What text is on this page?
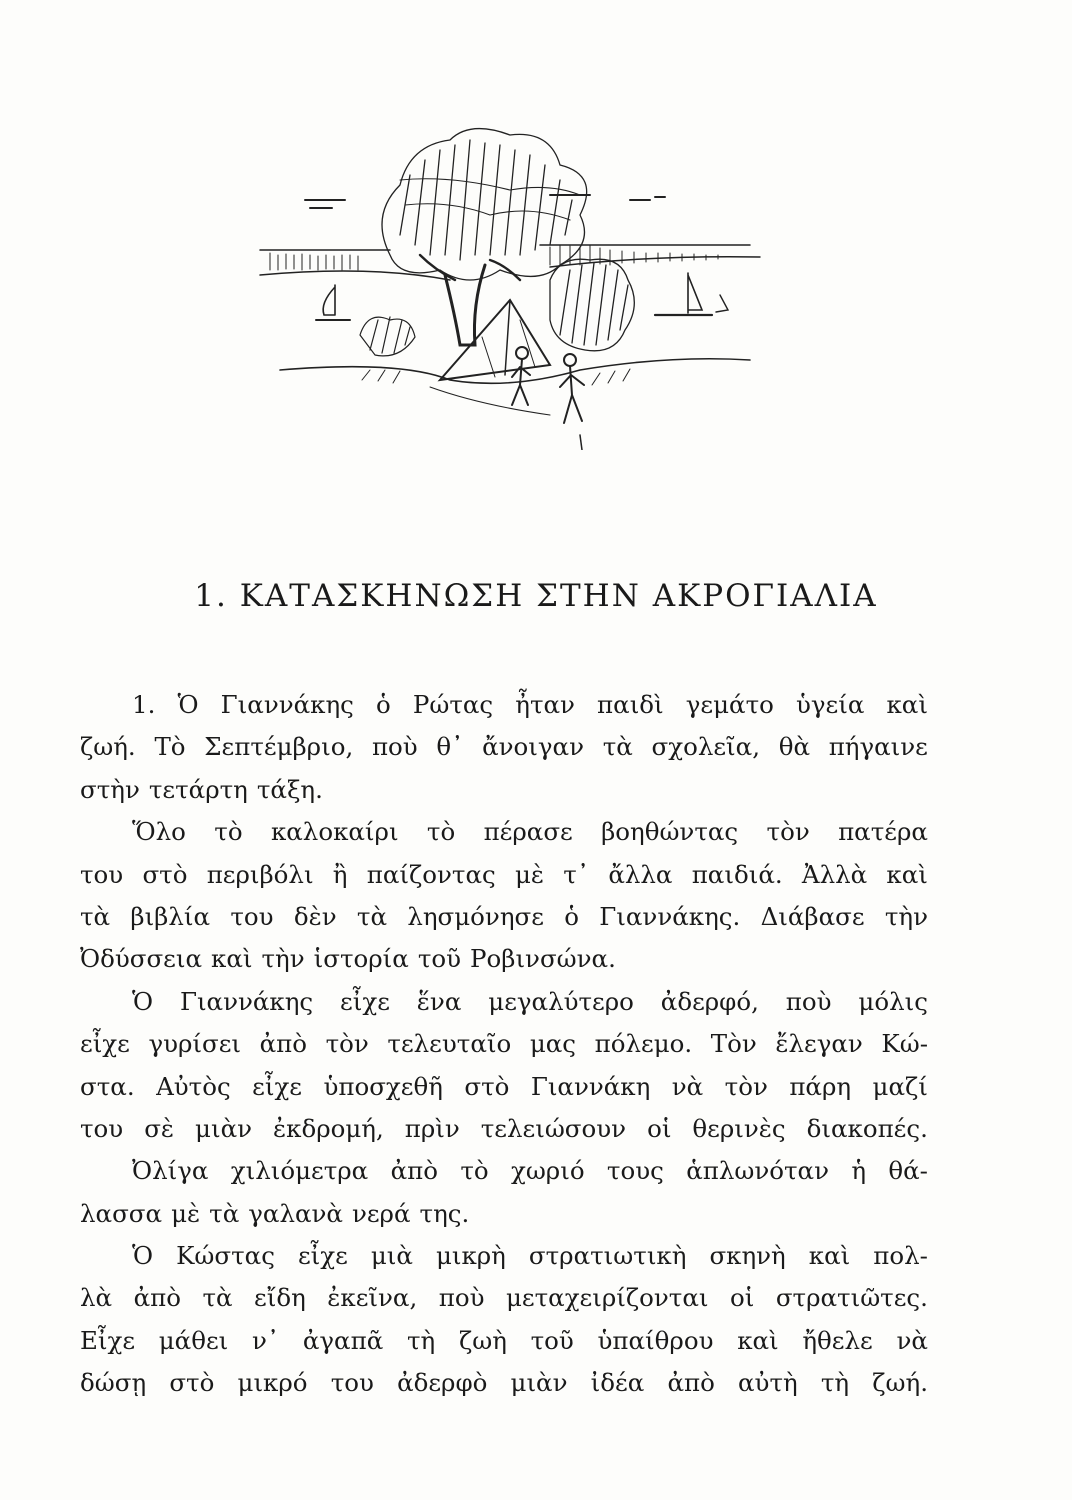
1. ΚΑΤΑΣΚΗΝΩΣΗ ΣΤΗΝ ΑΚΡΟΓΙΑΛΙΑ
1. Ὁ Γιαννάκης ὁ Ρώτας ἦταν παιδὶ γεμάτο ὑγεία καὶ
ζωή. Τὸ Σεπτέμβριο, ποὺ θ᾿ ἄνοιγαν τὰ σχολεῖα, θὰ πήγαινε
στὴν τετάρτη τάξη.
Ὅλο τὸ καλοκαίρι τὸ πέρασε βοηθώντας τὸν πατέρα
του στὸ περιβόλι ἢ παίζοντας μὲ τ᾿ ἄλλα παιδιά. Ἀλλὰ καὶ
τὰ βιβλία του δὲν τὰ λησμόνησε ὁ Γιαννάκης. Διάβασε τὴν
Ὀδύσσεια καὶ τὴν ἱστορία τοῦ Ροβινσώνα.
Ὁ Γιαννάκης εἶχε ἕνα μεγαλύτερο ἀδερφό, ποὺ μόλις
εἶχε γυρίσει ἀπὸ τὸν τελευταῖο μας πόλεμο. Τὸν ἔλεγαν Κώ-
στα. Αὐτὸς εἶχε ὑποσχεθῆ στὸ Γιαννάκη νὰ τὸν πάρη μαζί
του σὲ μιὰν ἐκδρομή, πρὶν τελειώσουν οἱ θερινὲς διακοπές.
Ὀλίγα χιλιόμετρα ἀπὸ τὸ χωριό τους ἁπλωνόταν ἡ θά-
λασσα μὲ τὰ γαλανὰ νερά της.
Ὁ Κώστας εἶχε μιὰ μικρὴ στρατιωτικὴ σκηνὴ καὶ πολ-
λὰ ἀπὸ τὰ εἴδη ἐκεῖνα, ποὺ μεταχειρίζονται οἱ στρατιῶτες.
Εἶχε μάθει ν᾿ ἀγαπᾶ τὴ ζωὴ τοῦ ὑπαίθρου καὶ ἤθελε νὰ
δώσῃ στὸ μικρό του ἀδερφὸ μιὰν ἰδέα ἀπὸ αὐτὴ τὴ ζωή.
